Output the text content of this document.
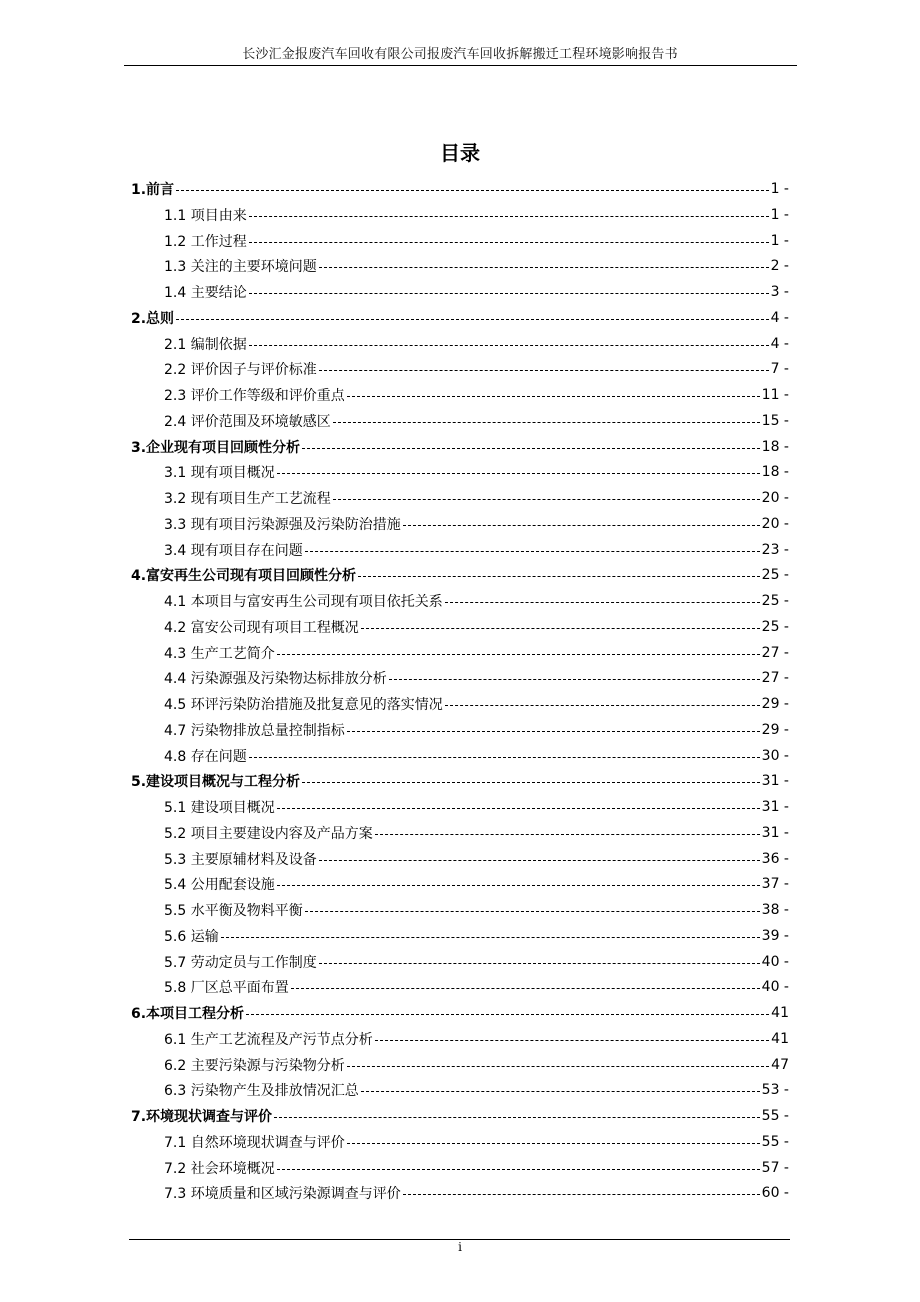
长沙汇金报废汽车回收有限公司报废汽车回收拆解搬迁工程环境影响报告书
目录
1.前言	1 -
1.1 项目由来	1 -
1.2 工作过程	1 -
1.3 关注的主要环境问题	2 -
1.4 主要结论	3 -
2.总则	4 -
2.1 编制依据	4 -
2.2 评价因子与评价标准	7 -
2.3 评价工作等级和评价重点	11 -
2.4 评价范围及环境敏感区	15 -
3.企业现有项目回顾性分析	18 -
3.1 现有项目概况	18 -
3.2 现有项目生产工艺流程	20 -
3.3 现有项目污染源强及污染防治措施	20 -
3.4 现有项目存在问题	23 -
4.富安再生公司现有项目回顾性分析	25 -
4.1 本项目与富安再生公司现有项目依托关系	25 -
4.2 富安公司现有项目工程概况	25 -
4.3 生产工艺简介	27 -
4.4 污染源强及污染物达标排放分析	27 -
4.5 环评污染防治措施及批复意见的落实情况	29 -
4.7 污染物排放总量控制指标	29 -
4.8 存在问题	30 -
5.建设项目概况与工程分析	31 -
5.1 建设项目概况	31 -
5.2 项目主要建设内容及产品方案	31 -
5.3 主要原辅材料及设备	36 -
5.4 公用配套设施	37 -
5.5 水平衡及物料平衡	38 -
5.6 运输	39 -
5.7 劳动定员与工作制度	40 -
5.8 厂区总平面布置	40 -
6.本项目工程分析	41
6.1 生产工艺流程及产污节点分析	41
6.2 主要污染源与污染物分析	47
6.3 污染物产生及排放情况汇总	53 -
7.环境现状调查与评价	55 -
7.1 自然环境现状调查与评价	55 -
7.2 社会环境概况	57 -
7.3 环境质量和区域污染源调查与评价	60 -
i
